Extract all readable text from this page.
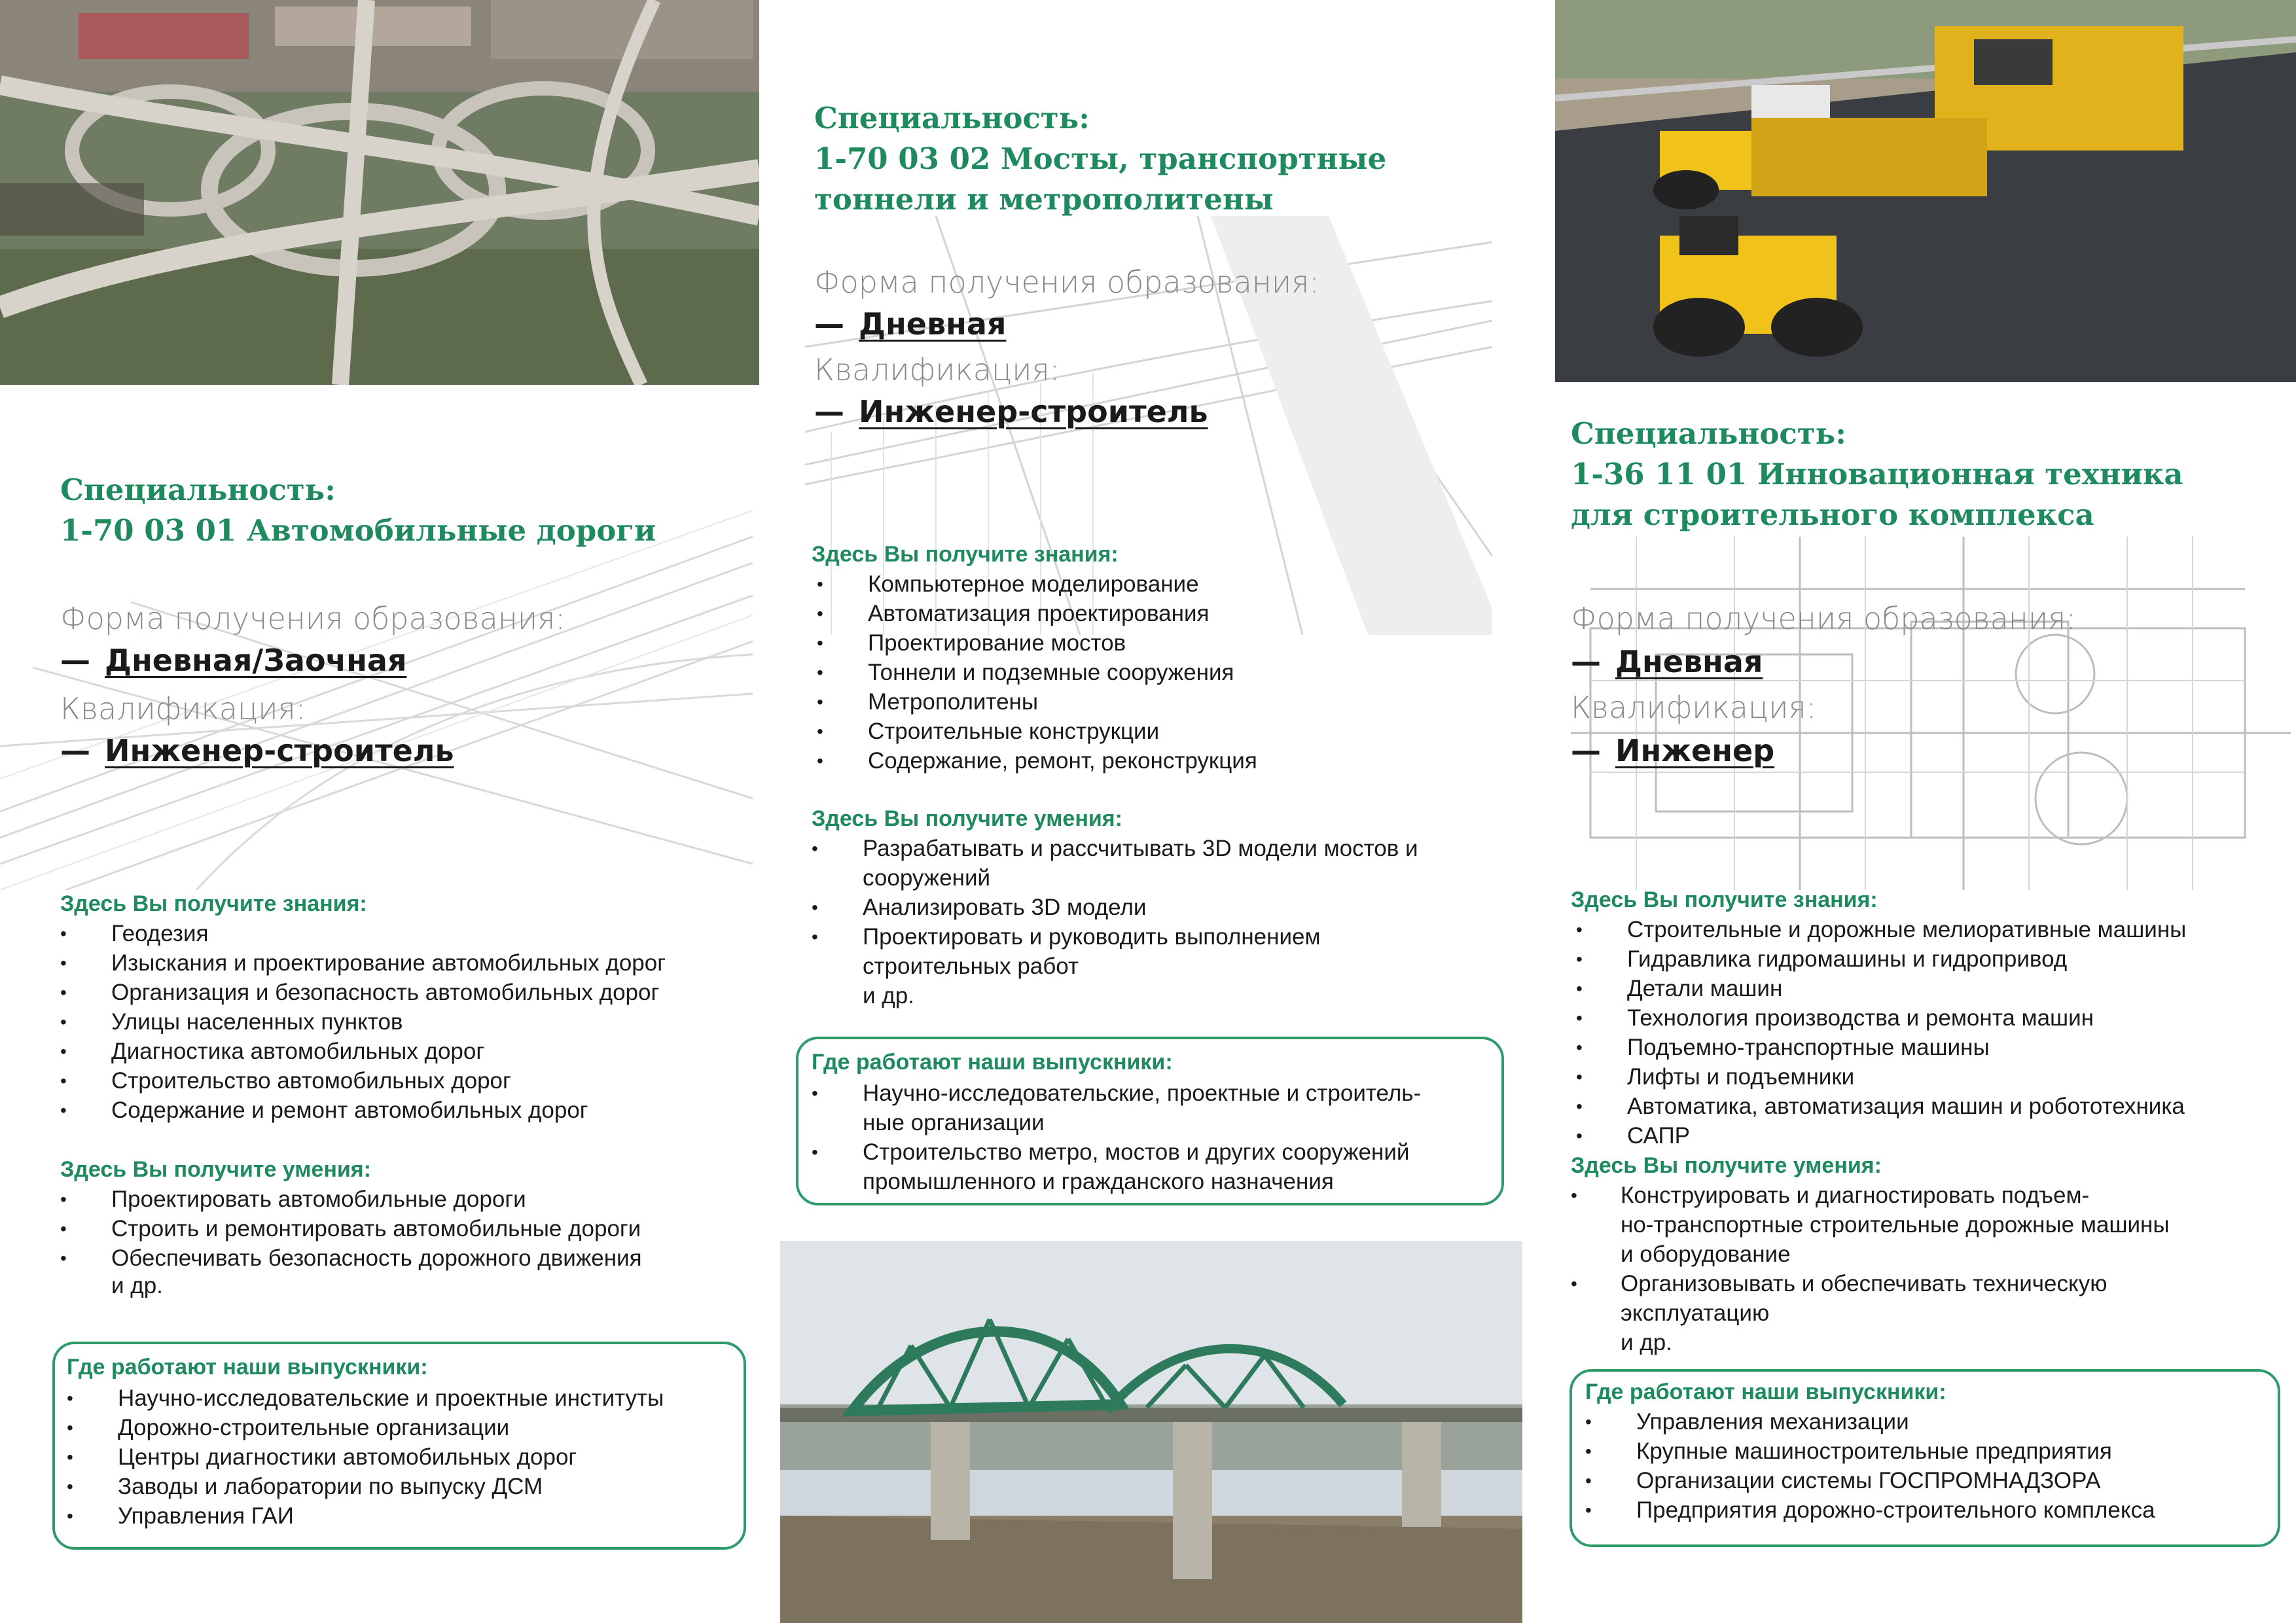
Специальность:
1-70 03 01 Автомобильные дороги
Форма получения образования:
— Дневная/Заочная
Квалификация:
— Инженер-строитель
Здесь Вы получите знания:
• Геодезия
• Изыскания и проектирование автомобильных дорог
• Организация и безопасность автомобильных дорог
• Улицы населенных пунктов
• Диагностика автомобильных дорог
• Строительство автомобильных дорог
• Содержание и ремонт автомобильных дорог
Здесь Вы получите умения:
• Проектировать автомобильные дороги
• Строить и ремонтировать автомобильные дороги
• Обеспечивать безопасность дорожного движения
и др.
Где работают наши выпускники:
• Научно-исследовательские и проектные институты
• Дорожно-строительные организации
• Центры диагностики автомобильных дорог
• Заводы и лаборатории по выпуску ДСМ
• Управления ГАИ
Специальность:
1-70 03 02 Мосты, транспортные
тоннели и метрополитены
Форма получения образования:
— Дневная
Квалификация:
— Инженер-строитель
Здесь Вы получите знания:
• Компьютерное моделирование
• Автоматизация проектирования
• Проектирование мостов
• Тоннели и подземные сооружения
• Метрополитены
• Строительные конструкции
• Содержание, ремонт, реконструкция
Здесь Вы получите умения:
• Разрабатывать и рассчитывать 3D модели мостов и
сооружений
• Анализировать 3D модели
• Проектировать и руководить выполнением
строительных работ
и др.
Где работают наши выпускники:
• Научно-исследовательские, проектные и строитель-
ные организации
• Строительство метро, мостов и других сооружений
промышленного и гражданского назначения
Специальность:
1-36 11 01 Инновационная техника
для строительного комплекса
Форма получения образования:
— Дневная
Квалификация:
— Инженер
Здесь Вы получите знания:
• Строительные и дорожные мелиоративные машины
• Гидравлика гидромашины и гидропривод
• Детали машин
• Технология производства и ремонта машин
• Подъемно-транспортные машины
• Лифты и подъемники
• Автоматика, автоматизация машин и робототехника
• САПР
Здесь Вы получите умения:
• Конструировать и диагностировать подъем-
но-транспортные строительные дорожные машины
и оборудование
• Организовывать и обеспечивать техническую
эксплуатацию
и др.
Где работают наши выпускники:
• Управления механизации
• Крупные машиностроительные предприятия
• Организации системы ГОСПРОМНАДЗОРА
• Предприятия дорожно-строительного комплекса
